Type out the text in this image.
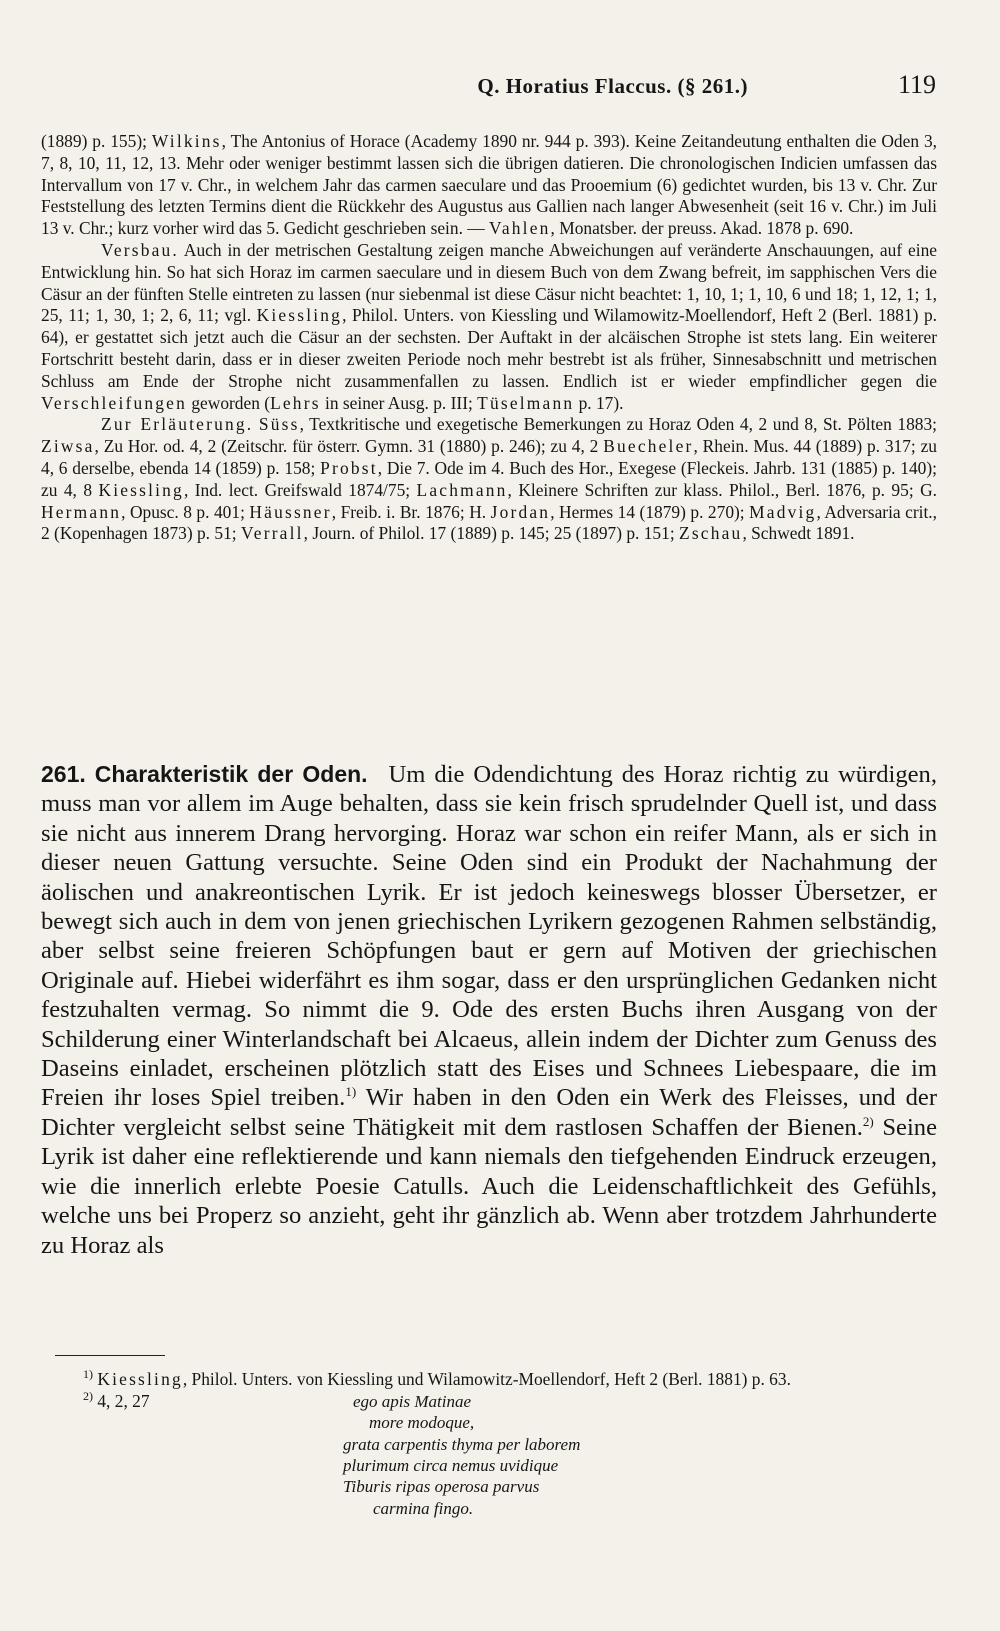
Q. Horatius Flaccus. (§ 261.)	119

(1889) p. 155); Wilkins, The Antonius of Horace (Academy 1890 nr. 944 p. 393). Keine Zeitandeutung enthalten die Oden 3, 7, 8, 10, 11, 12, 13. Mehr oder weniger bestimmt lassen sich die übrigen datieren. Die chronologischen Indicien umfassen das Intervallum von 17 v. Chr., in welchem Jahr das carmen saeculare und das Prooemium (6) gedichtet wurden, bis 13 v. Chr. Zur Feststellung des letzten Termins dient die Rückkehr des Augustus aus Gallien nach langer Abwesenheit (seit 16 v. Chr.) im Juli 13 v. Chr.; kurz vorher wird das 5. Gedicht geschrieben sein. — Vahlen, Monatsber. der preuss. Akad. 1878 p. 690.

Versbau. Auch in der metrischen Gestaltung zeigen manche Abweichungen auf veränderte Anschauungen, auf eine Entwicklung hin. So hat sich Horaz im carmen saeculare und in diesem Buch von dem Zwang befreit, im sapphischen Vers die Cäsur an der fünften Stelle eintreten zu lassen (nur siebenmal ist diese Cäsur nicht beachtet: 1, 10, 1; 1, 10, 6 und 18; 1, 12, 1; 1, 25, 11; 1, 30, 1; 2, 6, 11; vgl. Kiessling, Philol. Unters. von Kiessling und Wilamowitz-Moellendorf, Heft 2 (Berl. 1881) p. 64), er gestattet sich jetzt auch die Cäsur an der sechsten. Der Auftakt in der alcäischen Strophe ist stets lang. Ein weiterer Fortschritt besteht darin, dass er in dieser zweiten Periode noch mehr bestrebt ist als früher, Sinnesabschnitt und metrischen Schluss am Ende der Strophe nicht zusammenfallen zu lassen. Endlich ist er wieder empfindlicher gegen die Verschleifungen geworden (Lehrs in seiner Ausg. p. III; Tüselmann p. 17).

Zur Erläuterung. Süss, Textkritische und exegetische Bemerkungen zu Horaz Oden 4, 2 und 8, St. Pölten 1883; Ziwsa, Zu Hor. od. 4, 2 (Zeitschr. für österr. Gymn. 31 (1880) p. 246); zu 4, 2 Buecheler, Rhein. Mus. 44 (1889) p. 317; zu 4, 6 derselbe, ebenda 14 (1859) p. 158; Probst, Die 7. Ode im 4. Buch des Hor., Exegese (Fleckeis. Jahrb. 131 (1885) p. 140); zu 4, 8 Kiessling, Ind. lect. Greifswald 1874/75; Lachmann, Kleinere Schriften zur klass. Philol., Berl. 1876, p. 95; G. Hermann, Opusc. 8 p. 401; Häussner, Freib. i. Br. 1876; H. Jordan, Hermes 14 (1879) p. 270); Madvig, Adversaria crit., 2 (Kopenhagen 1873) p. 51; Verrall, Journ. of Philol. 17 (1889) p. 145; 25 (1897) p. 151; Zschau, Schwedt 1891.

261. Charakteristik der Oden. Um die Odendichtung des Horaz richtig zu würdigen, muss man vor allem im Auge behalten, dass sie kein frisch sprudelnder Quell ist, und dass sie nicht aus innerem Drang hervorging. Horaz war schon ein reifer Mann, als er sich in dieser neuen Gattung versuchte. Seine Oden sind ein Produkt der Nachahmung der äolischen und anakreontischen Lyrik. Er ist jedoch keineswegs blosser Übersetzer, er bewegt sich auch in dem von jenen griechischen Lyrikern gezogenen Rahmen selbständig, aber selbst seine freieren Schöpfungen baut er gern auf Motiven der griechischen Originale auf. Hiebei widerfährt es ihm sogar, dass er den ursprünglichen Gedanken nicht festzuhalten vermag. So nimmt die 9. Ode des ersten Buchs ihren Ausgang von der Schilderung einer Winterlandschaft bei Alcaeus, allein indem der Dichter zum Genuss des Daseins einladet, erscheinen plötzlich statt des Eises und Schnees Liebespaare, die im Freien ihr loses Spiel treiben.$^{1)}$ Wir haben in den Oden ein Werk des Fleisses, und der Dichter vergleicht selbst seine Thätigkeit mit dem rastlosen Schaffen der Bienen.$^{2)}$ Seine Lyrik ist daher eine reflektierende und kann niemals den tiefgehenden Eindruck erzeugen, wie die innerlich erlebte Poesie Catulls. Auch die Leidenschaftlichkeit des Gefühls, welche uns bei Properz so anzieht, geht ihr gänzlich ab. Wenn aber trotzdem Jahrhunderte zu Horaz als

$^{1)}$ Kiessling, Philol. Unters. von Kiessling und Wilamowitz-Moellendorf, Heft 2 (Berl. 1881) p. 63.

$^{2)}$ 4, 2, 27	ego apis Matinae
more modoque,
grata carpentis thyma per laborem
plurimum circa nemus uvidique
Tiburis ripas operosa parvus
carmina fingo.
